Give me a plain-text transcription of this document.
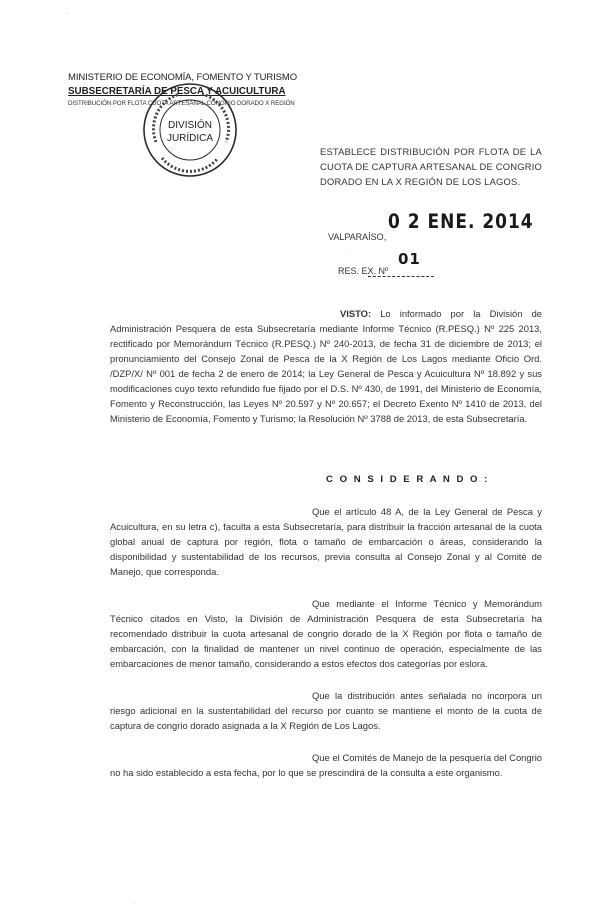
ˋ
MINISTERIO DE ECONOMÍA, FOMENTO Y TURISMO
SUBSECRETARÍA DE PESCA Y ACUICULTURA
DISTRIBUCIÓN POR FLOTA CUOTA ARTESANAL CONGRIO DORADO X REGIÓN
DIVISIÓN
JURÍDICA
ESTABLECE DISTRIBUCIÓN POR FLOTA DE LA CUOTA DE CAPTURA ARTESANAL DE CONGRIO DORADO EN LA X REGIÓN DE LOS LAGOS.
0 2 ENE. 2014
VALPARAÍSO,
· · ·	01
RES. EX. Nº
VISTO: Lo informado por la División de Administración Pesquera de esta Subsecretaría mediante Informe Técnico (R.PESQ.) Nº 225 2013, rectificado por Memorándum Técnico (R.PESQ.) Nº 240-2013, de fecha 31 de diciembre de 2013; el pronunciamiento del Consejo Zonal de Pesca de la X Región de Los Lagos mediante Oficio Ord. /DZP/X/ Nº 001 de fecha 2 de enero de 2014; la Ley General de Pesca y Acuicultura Nº 18.892 y sus modificaciones cuyo texto refundido fue fijado por el D.S. Nº 430, de 1991, del Ministerio de Economía, Fomento y Reconstrucción, las Leyes Nº 20.597 y Nº 20.657; el Decreto Exento Nº 1410 de 2013, del Ministerio de Economía, Fomento y Turismo; la Resolución Nº 3788 de 2013, de esta Subsecretaría.
C O N S I D E R A N D O :
Que el artículo 48 A, de la Ley General de Pesca y Acuicultura, en su letra c), faculta a esta Subsecretaría, para distribuir la fracción artesanal de la cuota global anual de captura por región, flota o tamaño de embarcación o áreas, considerando la disponibilidad y sustentabilidad de los recursos, previa consulta al Consejo Zonal y al Comité de Manejo, que corresponda.
Que mediante el Informe Técnico y Memorándum Técnico citados en Visto, la División de Administración Pesquera de esta Subsecretaría ha recomendado distribuir la cuota artesanal de congrio dorado de la X Región por flota o tamaño de embarcación, con la finalidad de mantener un nivel continuo de operación, especialmente de las embarcaciones de menor tamaño, considerando a estos efectos dos categorías por eslora.
Que la distribución antes señalada no incorpora un riesgo adicional en la sustentabilidad del recurso por cuanto se mantiene el monto de la cuota de captura de congrio dorado asignada a la X Región de Los Lagos.
Que el Comités de Manejo de la pesquería del Congrio no ha sido establecido a esta fecha, por lo que se prescindirá de la consulta a este organismo.
·
